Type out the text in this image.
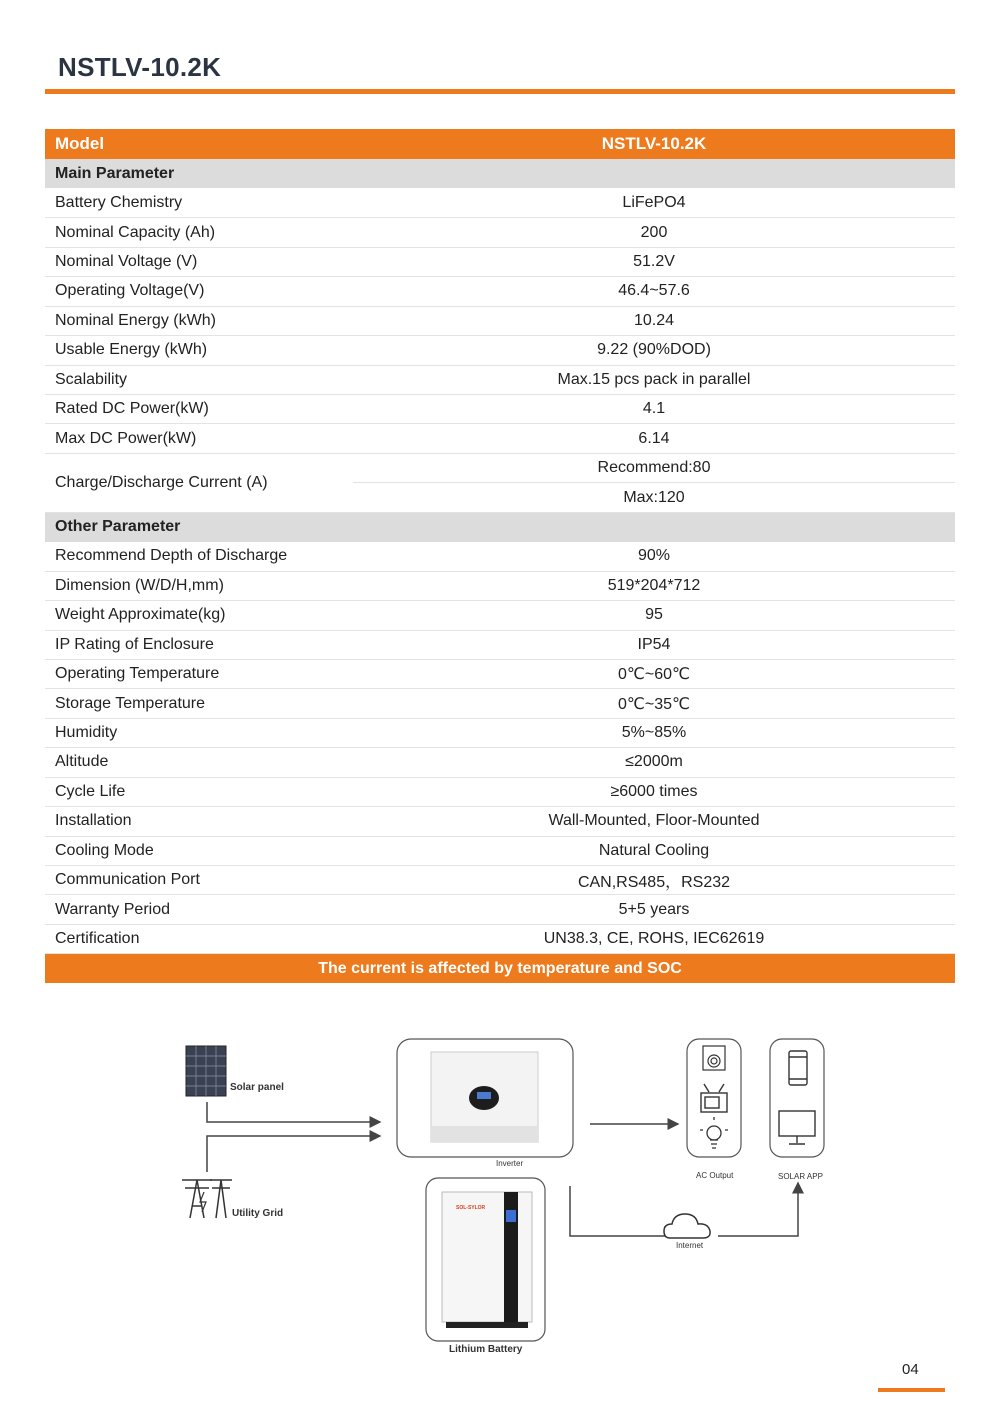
NSTLV-10.2K
Model	NSTLV-10.2K
Main Parameter	
Battery Chemistry	LiFePO4
Nominal Capacity (Ah)	200
Nominal Voltage (V)	51.2V
Operating Voltage(V)	46.4~57.6
Nominal Energy (kWh)	10.24
Usable Energy (kWh)	9.22 (90%DOD)
Scalability	Max.15 pcs pack in parallel
Rated DC Power(kW)	4.1
Max DC Power(kW)	6.14
Charge/Discharge Current (A)	Recommend:80
	Max:120
Other Parameter	
Recommend Depth of Discharge	90%
Dimension (W/D/H,mm)	519*204*712
Weight Approximate(kg)	95
IP Rating of Enclosure	IP54
Operating Temperature	0℃~60℃
Storage Temperature	0℃~35℃
Humidity	5%~85%
Altitude	≤2000m
Cycle Life	≥6000 times
Installation	Wall-Mounted, Floor-Mounted
Cooling Mode	Natural Cooling
Communication Port	CAN,RS485，RS232
Warranty Period	5+5 years
Certification	UN38.3, CE, ROHS, IEC62619
The current is affected by temperature and SOC	
Solar panel
Utility Grid
Inverter
AC Output	SOLAR APP
Internet
SOL-SYLOR
Lithium Battery
04
